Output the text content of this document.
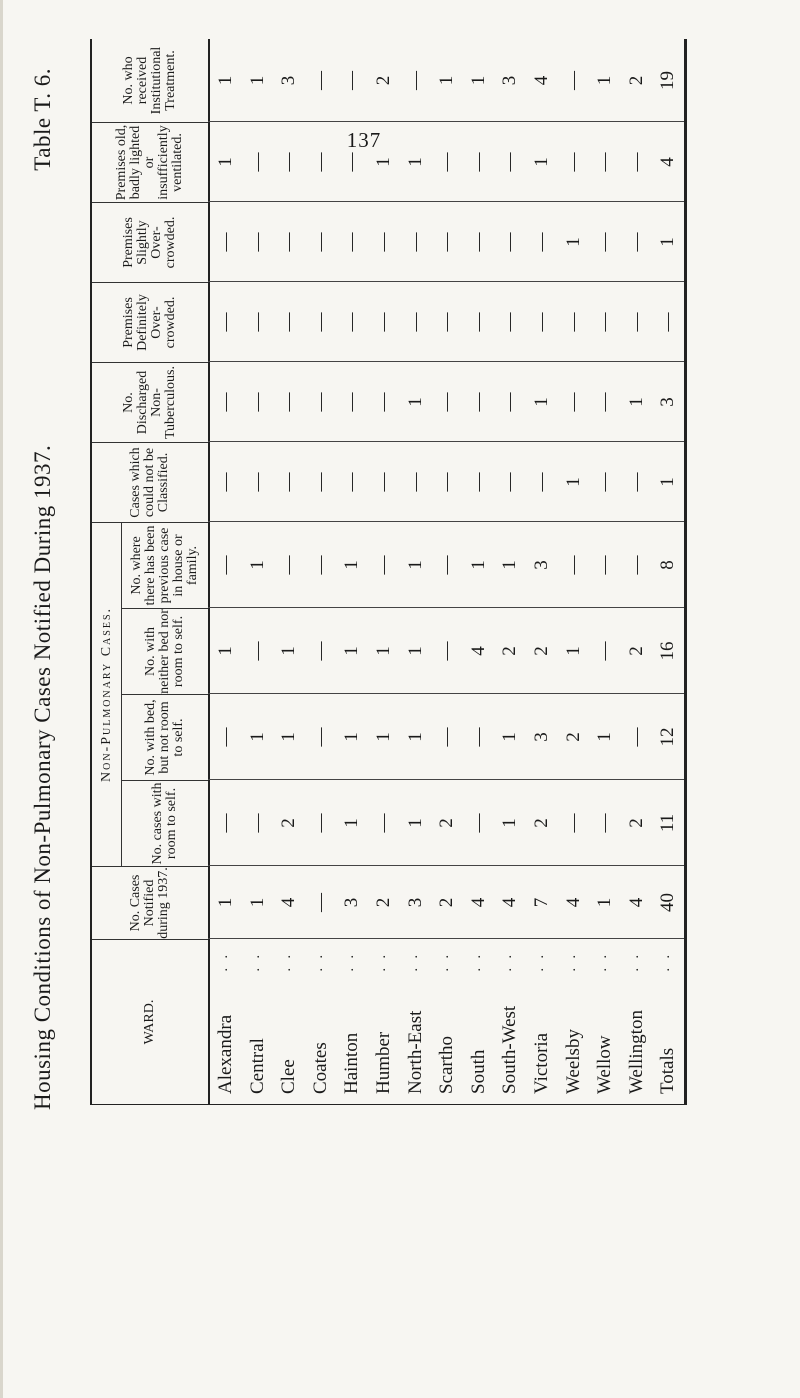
137
Housing Conditions of Non-Pulmonary Cases Notified During 1937.
Table T. 6.
WARD.
No. Cases Notified during 1937.
Non-Pulmonary Cases.
No. cases with room to self.
No. with bed, but not room to self.
No. with neither bed nor room to self.
No. where there has been previous case in house or family.
Cases which could not be Classified.
No. Discharged Non-Tuberculous.
Premises Definitely Over-crowded.
Premises Slightly Over-crowded.
Premises old, badly lighted or insufficiently ventilated.
No. who received Institutional Treatment.
Alexandra
. .
1
—
—
1
—
—
—
—
—
1
1
Central
. .
1
—
1
—
1
—
—
—
—
—
1
Clee
. .
4
2
1
1
—
—
—
—
—
—
3
Coates
. .
—
—
—
—
—
—
—
—
—
—
—
Hainton
. .
3
1
1
1
1
—
—
—
—
—
—
Humber
. .
2
—
1
1
—
—
—
—
—
1
2
North-East
. .
3
1
1
1
1
—
1
—
—
1
—
Scartho
. .
2
2
—
—
—
—
—
—
—
—
1
South
. .
4
—
—
4
1
—
—
—
—
—
1
South-West
. .
4
1
1
2
1
—
—
—
—
—
3
Victoria
. .
7
2
3
2
3
—
1
—
—
1
4
Weelsby
. .
4
—
2
1
—
1
—
—
1
—
—
Wellow
. .
1
—
1
—
—
—
—
—
—
—
1
Wellington
. .
4
2
—
2
—
—
1
—
—
—
2
Totals
. .
40
11
12
16
8
1
3
—
1
4
19
